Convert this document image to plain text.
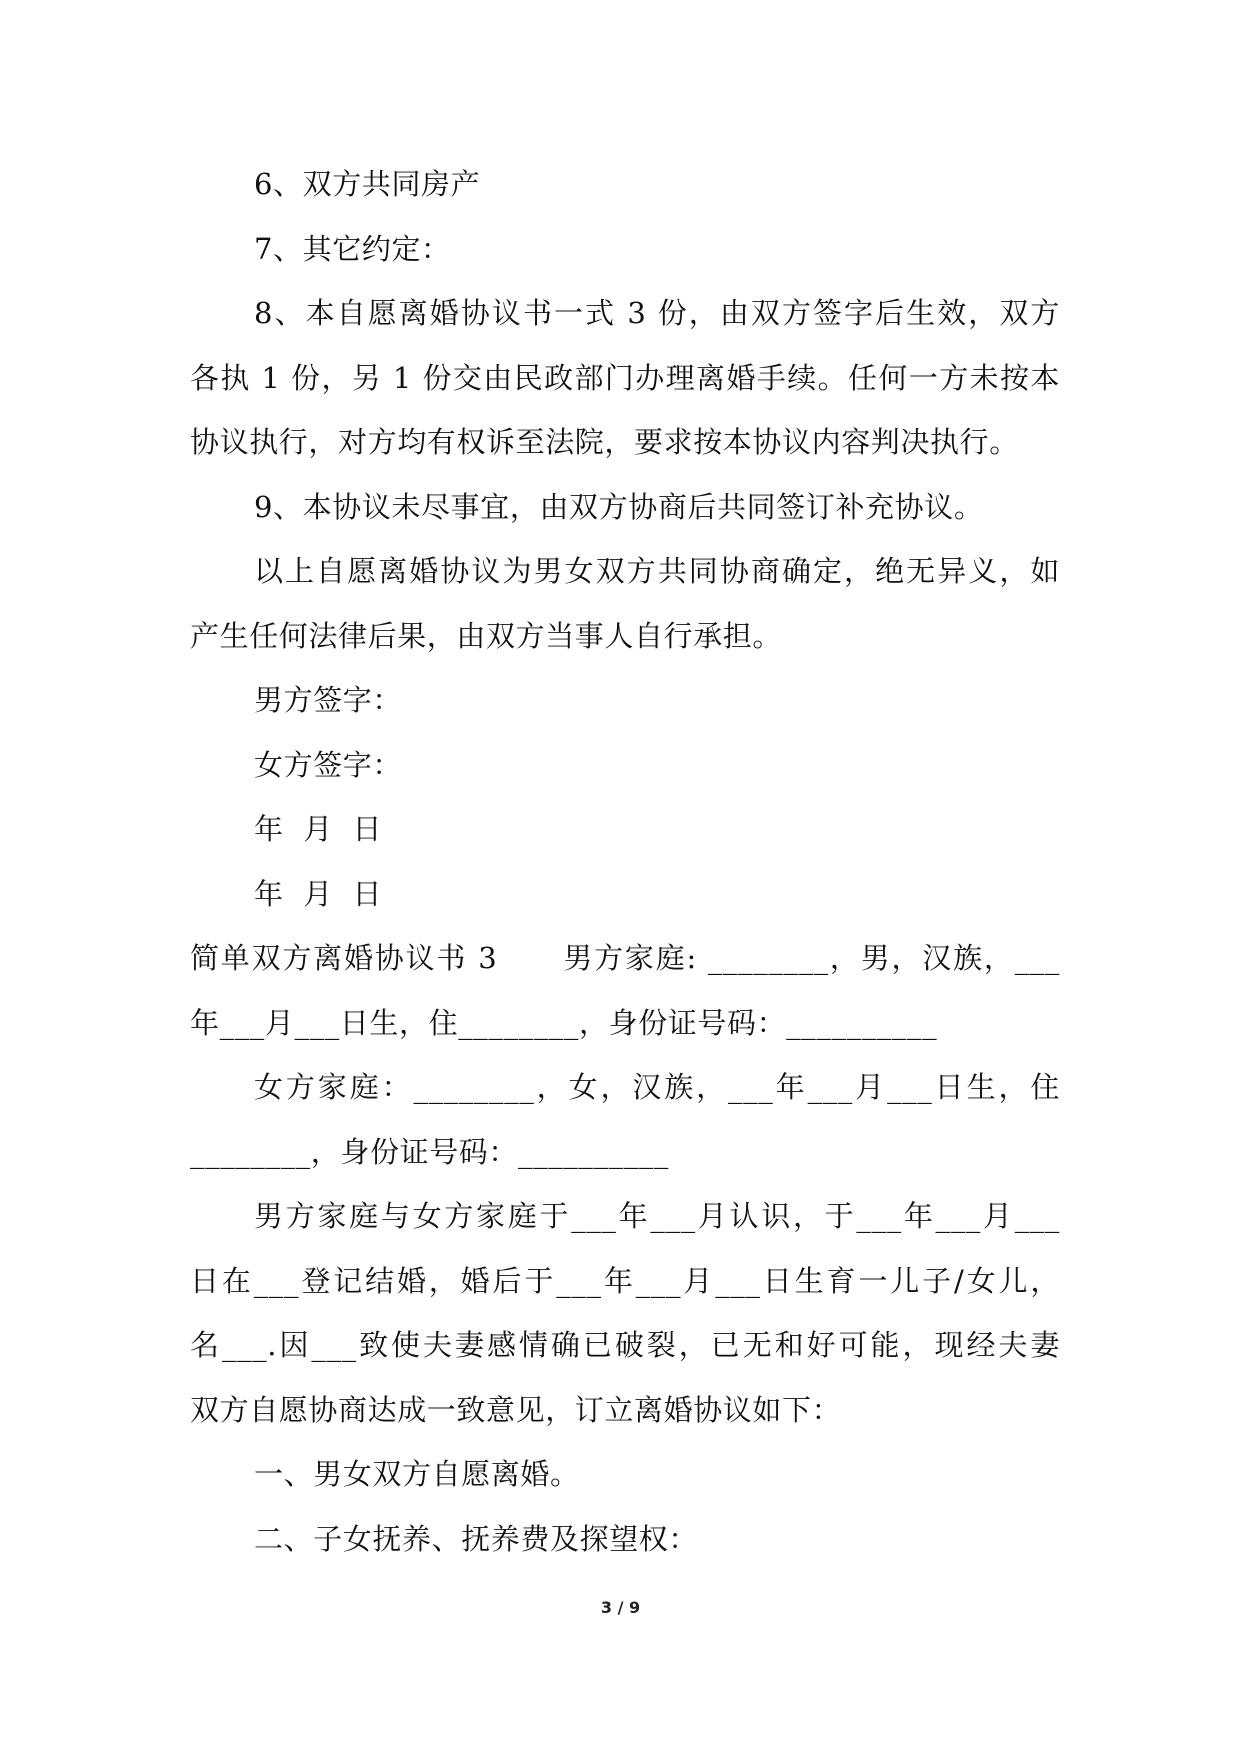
6、双方共同房产
7、其它约定：
8、本自愿离婚协议书一式 3 份，由双方签字后生效，双方
各执 1 份，另 1 份交由民政部门办理离婚手续。任何一方未按本
协议执行，对方均有权诉至法院，要求按本协议内容判决执行。
9、本协议未尽事宜，由双方协商后共同签订补充协议。
以上自愿离婚协议为男女双方共同协商确定，绝无异义，如
产生任何法律后果，由双方当事人自行承担。
男方签字：
女方签字：
年  月  日
年  月  日
简单双方离婚协议书 3      男方家庭: ________，男，汉族，___
年___月___日生，住________，身份证号码：__________
女方家庭：________，女，汉族，___年___月___日生，住
________，身份证号码：__________
男方家庭与女方家庭于___年___月认识，于___年___月___
日在___登记结婚，婚后于___年___月___日生育一儿子/女儿，
名___.因___致使夫妻感情确已破裂，已无和好可能，现经夫妻
双方自愿协商达成一致意见，订立离婚协议如下：
一、男女双方自愿离婚。
二、子女抚养、抚养费及探望权：
3 / 9
